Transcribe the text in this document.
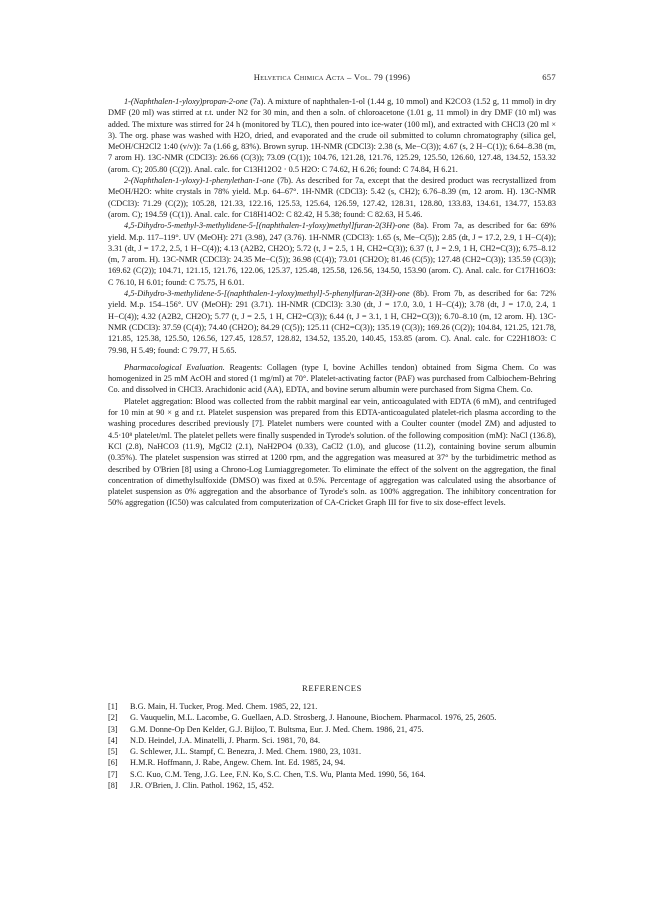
Helvetica Chimica Acta – Vol. 79 (1996)	657

1-(Naphthalen-1-yloxy)propan-2-one (7a). A mixture of naphthalen-1-ol (1.44 g, 10 mmol) and K2CO3 (1.52 g, 11 mmol) in dry DMF (20 ml) was stirred at r.t. under N2 for 30 min, and then a soln. of chloroacetone (1.01 g, 11 mmol) in dry DMF (10 ml) was added. The mixture was stirred for 24 h (monitored by TLC), then poured into ice-water (100 ml), and extracted with CHCl3 (20 ml × 3). The org. phase was washed with H2O, dried, and evaporated and the crude oil submitted to column chromatography (silica gel, MeOH/CH2Cl2 1:40 (v/v)): 7a (1.66 g, 83%). Brown syrup. 1H-NMR (CDCl3): 2.38 (s, Me−C(3)); 4.67 (s, 2 H−C(1)); 6.64–8.38 (m, 7 arom H). 13C-NMR (CDCl3): 26.66 (C(3)); 73.09 (C(1)); 104.76, 121.28, 121.76, 125.29, 125.50, 126.60, 127.48, 134.52, 153.32 (arom. C); 205.80 (C(2)). Anal. calc. for C13H12O2 · 0.5 H2O: C 74.62, H 6.26; found: C 74.84, H 6.21.

2-(Naphthalen-1-yloxy)-1-phenylethan-1-one (7b). As described for 7a, except that the desired product was recrystallized from MeOH/H2O: white crystals in 78% yield. M.p. 64–67°. 1H-NMR (CDCl3): 5.42 (s, CH2); 6.76–8.39 (m, 12 arom. H). 13C-NMR (CDCl3): 71.29 (C(2)); 105.28, 121.33, 122.16, 125.53, 125.64, 126.59, 127.42, 128.31, 128.80, 133.83, 134.61, 134.77, 153.83 (arom. C); 194.59 (C(1)). Anal. calc. for C18H14O2: C 82.42, H 5.38; found: C 82.63, H 5.46.

4,5-Dihydro-5-methyl-3-methylidene-5-[(naphthalen-1-yloxy)methyl]furan-2(3H)-one (8a). From 7a, as described for 6a: 69% yield. M.p. 117–119°. UV (MeOH): 271 (3.98), 247 (3.76). 1H-NMR (CDCl3): 1.65 (s, Me−C(5)); 2.85 (dt, J = 17.2, 2.9, 1 H−C(4)); 3.31 (dt, J = 17.2, 2.5, 1 H−C(4)); 4.13 (A2B2, CH2O); 5.72 (t, J = 2.5, 1 H, CH2=C(3)); 6.37 (t, J = 2.9, 1 H, CH2=C(3)); 6.75–8.12 (m, 7 arom. H). 13C-NMR (CDCl3): 24.35 Me−C(5)); 36.98 (C(4)); 73.01 (CH2O); 81.46 (C(5)); 127.48 (CH2=C(3)); 135.59 (C(3)); 169.62 (C(2)); 104.71, 121.15, 121.76, 122.06, 125.37, 125.48, 125.58, 126.56, 134.50, 153.90 (arom. C). Anal. calc. for C17H16O3: C 76.10, H 6.01; found: C 75.75, H 6.01.

4,5-Dihydro-3-methylidene-5-[(naphthalen-1-yloxy)methyl]-5-phenylfuran-2(3H)-one (8b). From 7b, as described for 6a: 72% yield. M.p. 154–156°. UV (MeOH): 291 (3.71). 1H-NMR (CDCl3): 3.30 (dt, J = 17.0, 3.0, 1 H−C(4)); 3.78 (dt, J = 17.0, 2.4, 1 H−C(4)); 4.32 (A2B2, CH2O); 5.77 (t, J = 2.5, 1 H, CH2=C(3)); 6.44 (t, J = 3.1, 1 H, CH2=C(3)); 6.70–8.10 (m, 12 arom. H). 13C-NMR (CDCl3): 37.59 (C(4)); 74.40 (CH2O); 84.29 (C(5)); 125.11 (CH2=C(3)); 135.19 (C(3)); 169.26 (C(2)); 104.84, 121.25, 121.78, 121.85, 125.38, 125.50, 126.56, 127.45, 128.57, 128.82, 134.52, 135.20, 140.45, 153.85 (arom. C). Anal. calc. for C22H18O3: C 79.98, H 5.49; found: C 79.77, H 5.65.

Pharmacological Evaluation. Reagents: Collagen (type I, bovine Achilles tendon) obtained from Sigma Chem. Co was homogenized in 25 mM AcOH and stored (1 mg/ml) at 70°. Platelet-activating factor (PAF) was purchased from Calbiochem-Behring Co. and dissolved in CHCl3. Arachidonic acid (AA), EDTA, and bovine serum albumin were purchased from Sigma Chem. Co.

Platelet aggregation: Blood was collected from the rabbit marginal ear vein, anticoagulated with EDTA (6 mM), and centrifuged for 10 min at 90 × g and r.t. Platelet suspension was prepared from this EDTA-anticoagulated platelet-rich plasma according to the washing procedures described previously [7]. Platelet numbers were counted with a Coulter counter (model ZM) and adjusted to 4.5·10⁸ platelet/ml. The platelet pellets were finally suspended in Tyrode's solution. of the following composition (mM): NaCl (136.8), KCl (2.8), NaHCO3 (11.9), MgCl2 (2.1), NaH2PO4 (0.33), CaCl2 (1.0), and glucose (11.2), containing bovine serum albumin (0.35%). The platelet suspension was stirred at 1200 rpm, and the aggregation was measured at 37° by the turbidimetric method as described by O'Brien [8] using a Chrono-Log Lumiaggregometer. To eliminate the effect of the solvent on the aggregation, the final concentration of dimethylsulfoxide (DMSO) was fixed at 0.5%. Percentage of aggregation was calculated using the absorbance of platelet suspension as 0% aggregation and the absorbance of Tyrode's soln. as 100% aggregation. The inhibitory concentration for 50% aggregation (IC50) was calculated from computerization of CA-Cricket Graph III for five to six dose-effect levels.

REFERENCES
[1] B.G. Main, H. Tucker, Prog. Med. Chem. 1985, 22, 121.
[2] G. Vauquelin, M.L. Lacombe, G. Guellaen, A.D. Strosberg, J. Hanoune, Biochem. Pharmacol. 1976, 25, 2605.
[3] G.M. Donne-Op Den Kelder, G.J. Bijloo, T. Bultsma, Eur. J. Med. Chem. 1986, 21, 475.
[4] N.D. Heindel, J.A. Minatelli, J. Pharm. Sci. 1981, 70, 84.
[5] G. Schlewer, J.L. Stampf, C. Benezra, J. Med. Chem. 1980, 23, 1031.
[6] H.M.R. Hoffmann, J. Rabe, Angew. Chem. Int. Ed. 1985, 24, 94.
[7] S.C. Kuo, C.M. Teng, J.G. Lee, F.N. Ko, S.C. Chen, T.S. Wu, Planta Med. 1990, 56, 164.
[8] J.R. O'Brien, J. Clin. Pathol. 1962, 15, 452.
